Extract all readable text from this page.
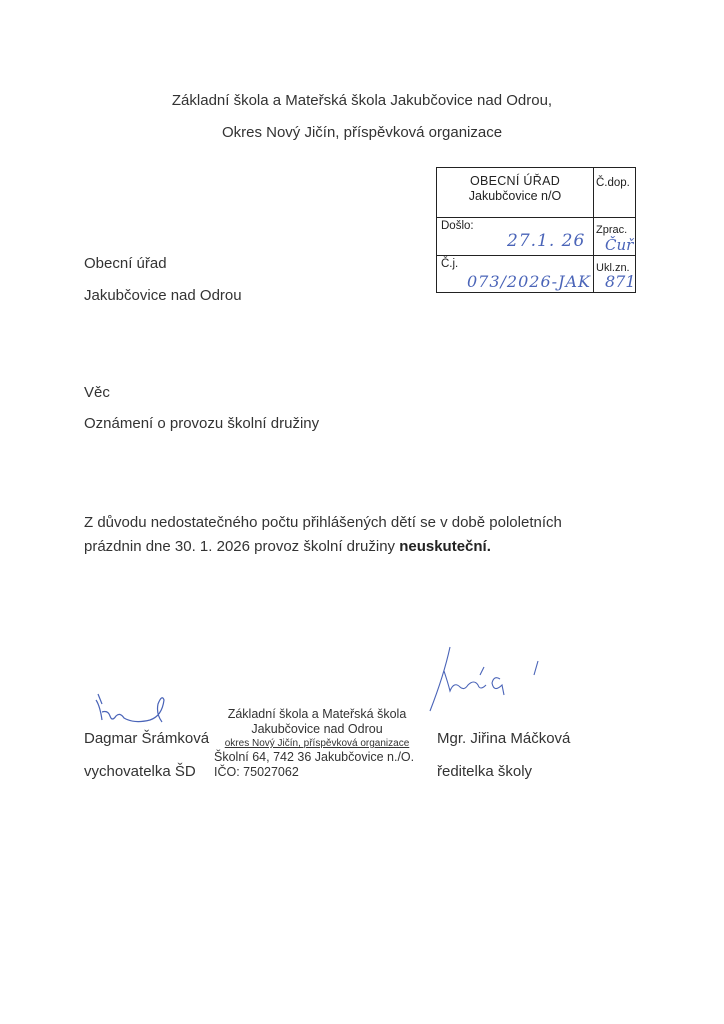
Základní škola a Mateřská škola Jakubčovice nad Odrou,
Okres Nový Jičín, příspěvková organizace
OBECNÍ ÚŘAD
Jakubčovice n/O
Č.dop.
Došlo:
27.1. 26
Zprac.
Čuř
Č.j.
073/2026-JAK
Ukl.zn.
871
Obecní úřad
Jakubčovice nad Odrou
Věc
Oznámení o provozu školní družiny
Z důvodu nedostatečného počtu přihlášených dětí se v době pololetních
prázdnin dne 30. 1. 2026 provoz školní družiny neuskuteční.
Dagmar Šrámková
vychovatelka ŠD
Základní škola a Mateřská škola
Jakubčovice nad Odrou
okres Nový Jičín, příspěvková organizace
Školní 64, 742 36 Jakubčovice n./O.
IČO: 75027062
Mgr. Jiřina Máčková
ředitelka školy
